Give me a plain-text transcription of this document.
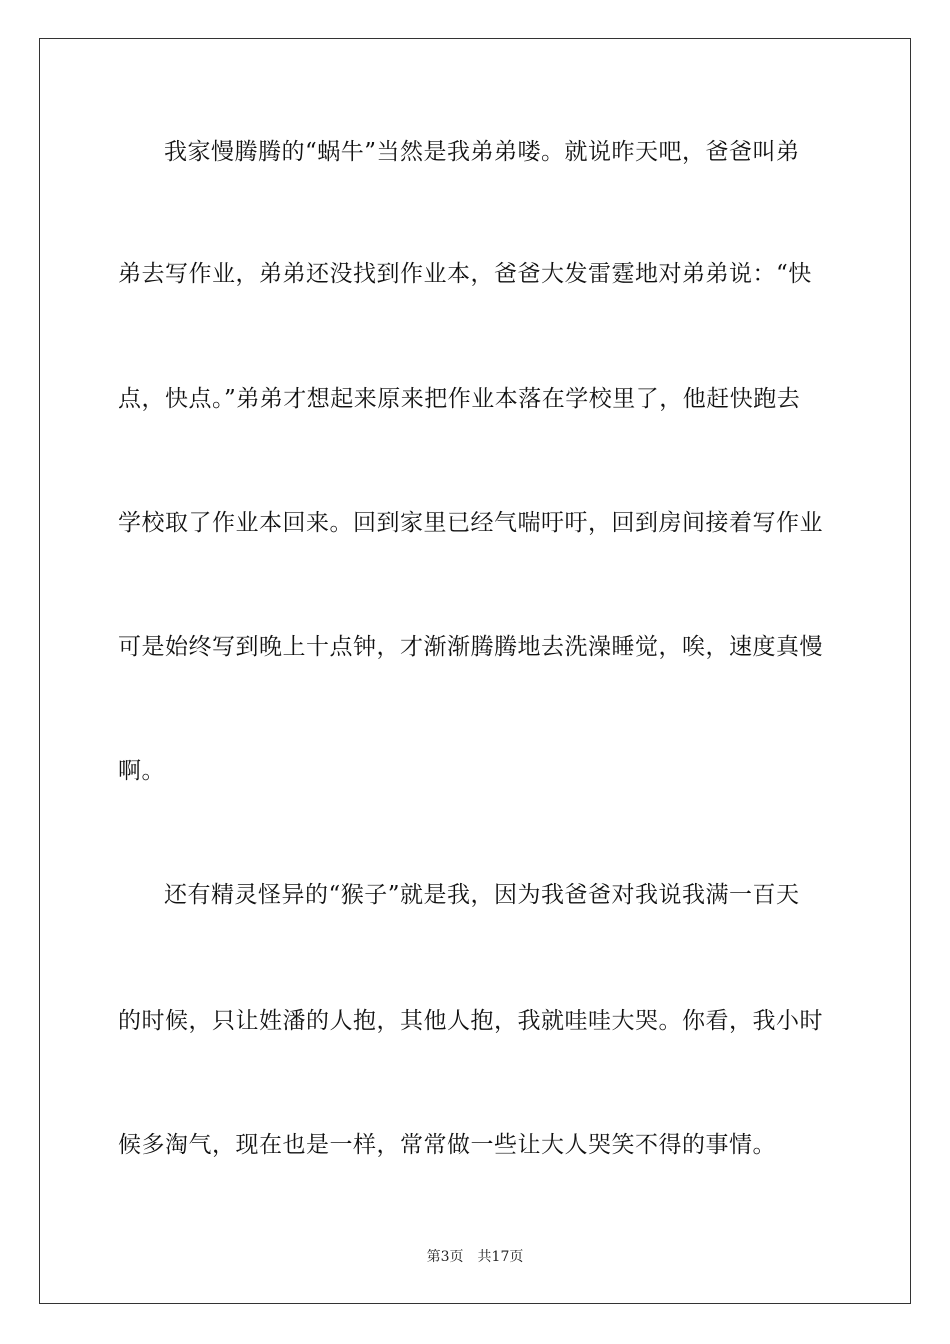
我家慢腾腾的“蜗牛”当然是我弟弟喽。就说昨天吧，爸爸叫弟
弟去写作业，弟弟还没找到作业本，爸爸大发雷霆地对弟弟说：“快
点，快点。”弟弟才想起来原来把作业本落在学校里了，他赶快跑去
学校取了作业本回来。回到家里已经气喘吁吁，回到房间接着写作业
可是始终写到晚上十点钟，才渐渐腾腾地去洗澡睡觉，唉，速度真慢
啊。
还有精灵怪异的“猴子”就是我，因为我爸爸对我说我满一百天
的时候，只让姓潘的人抱，其他人抱，我就哇哇大哭。你看，我小时
候多淘气，现在也是一样，常常做一些让大人哭笑不得的事情。
第3页 共17页
